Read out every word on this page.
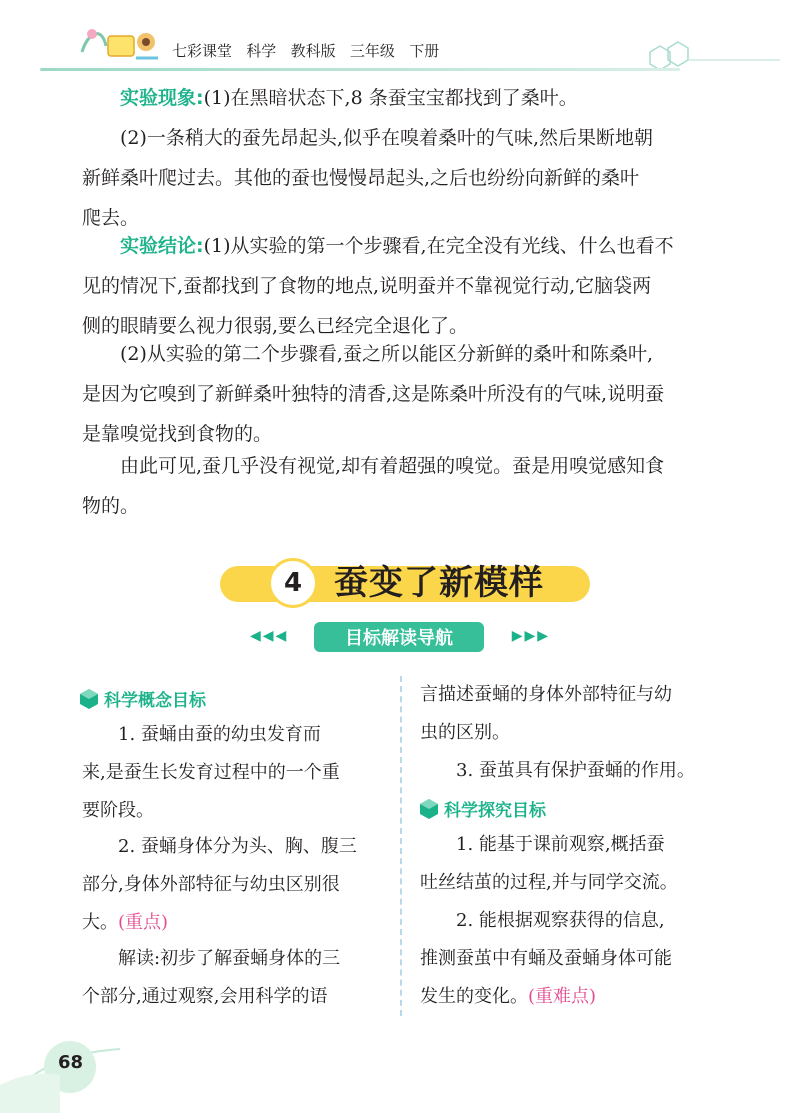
七彩课堂   科学   教科版   三年级   下册

实验现象:(1)在黑暗状态下,8 条蚕宝宝都找到了桑叶。

(2)一条稍大的蚕先昂起头,似乎在嗅着桑叶的气味,然后果断地朝
新鲜桑叶爬过去。其他的蚕也慢慢昂起头,之后也纷纷向新鲜的桑叶
爬去。

实验结论:(1)从实验的第一个步骤看,在完全没有光线、什么也看不
见的情况下,蚕都找到了食物的地点,说明蚕并不靠视觉行动,它脑袋两
侧的眼睛要么视力很弱,要么已经完全退化了。

(2)从实验的第二个步骤看,蚕之所以能区分新鲜的桑叶和陈桑叶,
是因为它嗅到了新鲜桑叶独特的清香,这是陈桑叶所没有的气味,说明蚕
是靠嗅觉找到食物的。

由此可见,蚕几乎没有视觉,却有着超强的嗅觉。蚕是用嗅觉感知食
物的。

4 蚕变了新模样
◀◀◀	目标解读导航	▶▶▶
科学概念目标

1. 蚕蛹由蚕的幼虫发育而
来,是蚕生长发育过程中的一个重
要阶段。

2. 蚕蛹身体分为头、胸、腹三
部分,身体外部特征与幼虫区别很
大。(重点)

解读:初步了解蚕蛹身体的三
个部分,通过观察,会用科学的语

言描述蚕蛹的身体外部特征与幼
虫的区别。

3. 蚕茧具有保护蚕蛹的作用。

科学探究目标

1. 能基于课前观察,概括蚕
吐丝结茧的过程,并与同学交流。

2. 能根据观察获得的信息,
推测蚕茧中有蛹及蚕蛹身体可能
发生的变化。(重难点)

68
